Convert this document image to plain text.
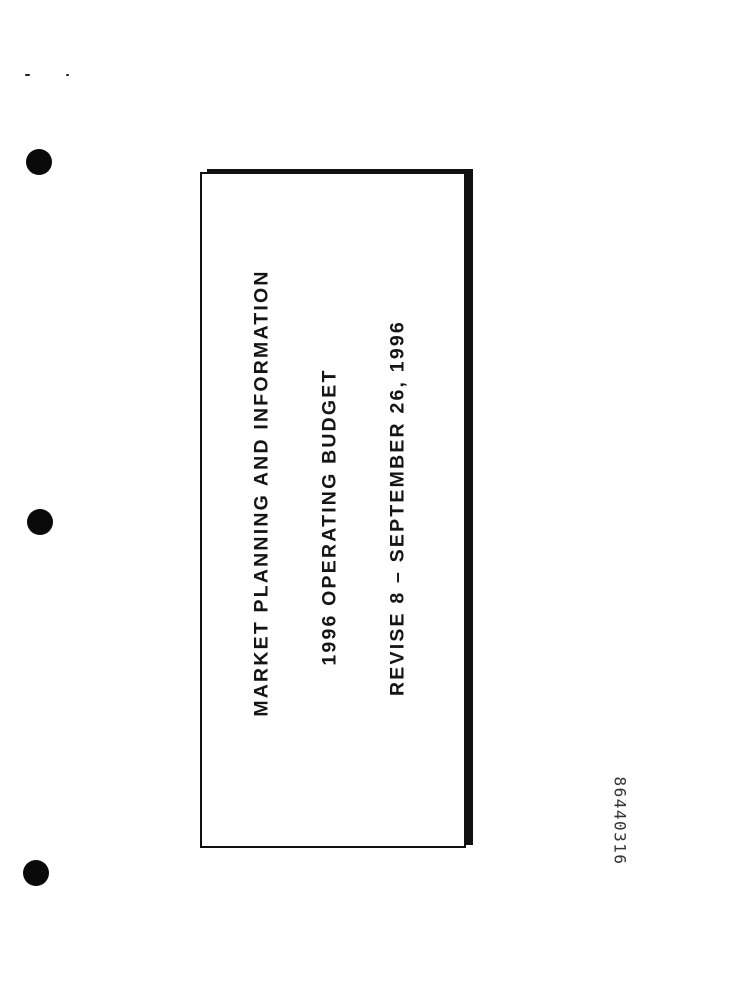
MARKET PLANNING AND INFORMATION 1996 OPERATING BUDGET REVISE 8 – SEPTEMBER 26, 1996
86440316
